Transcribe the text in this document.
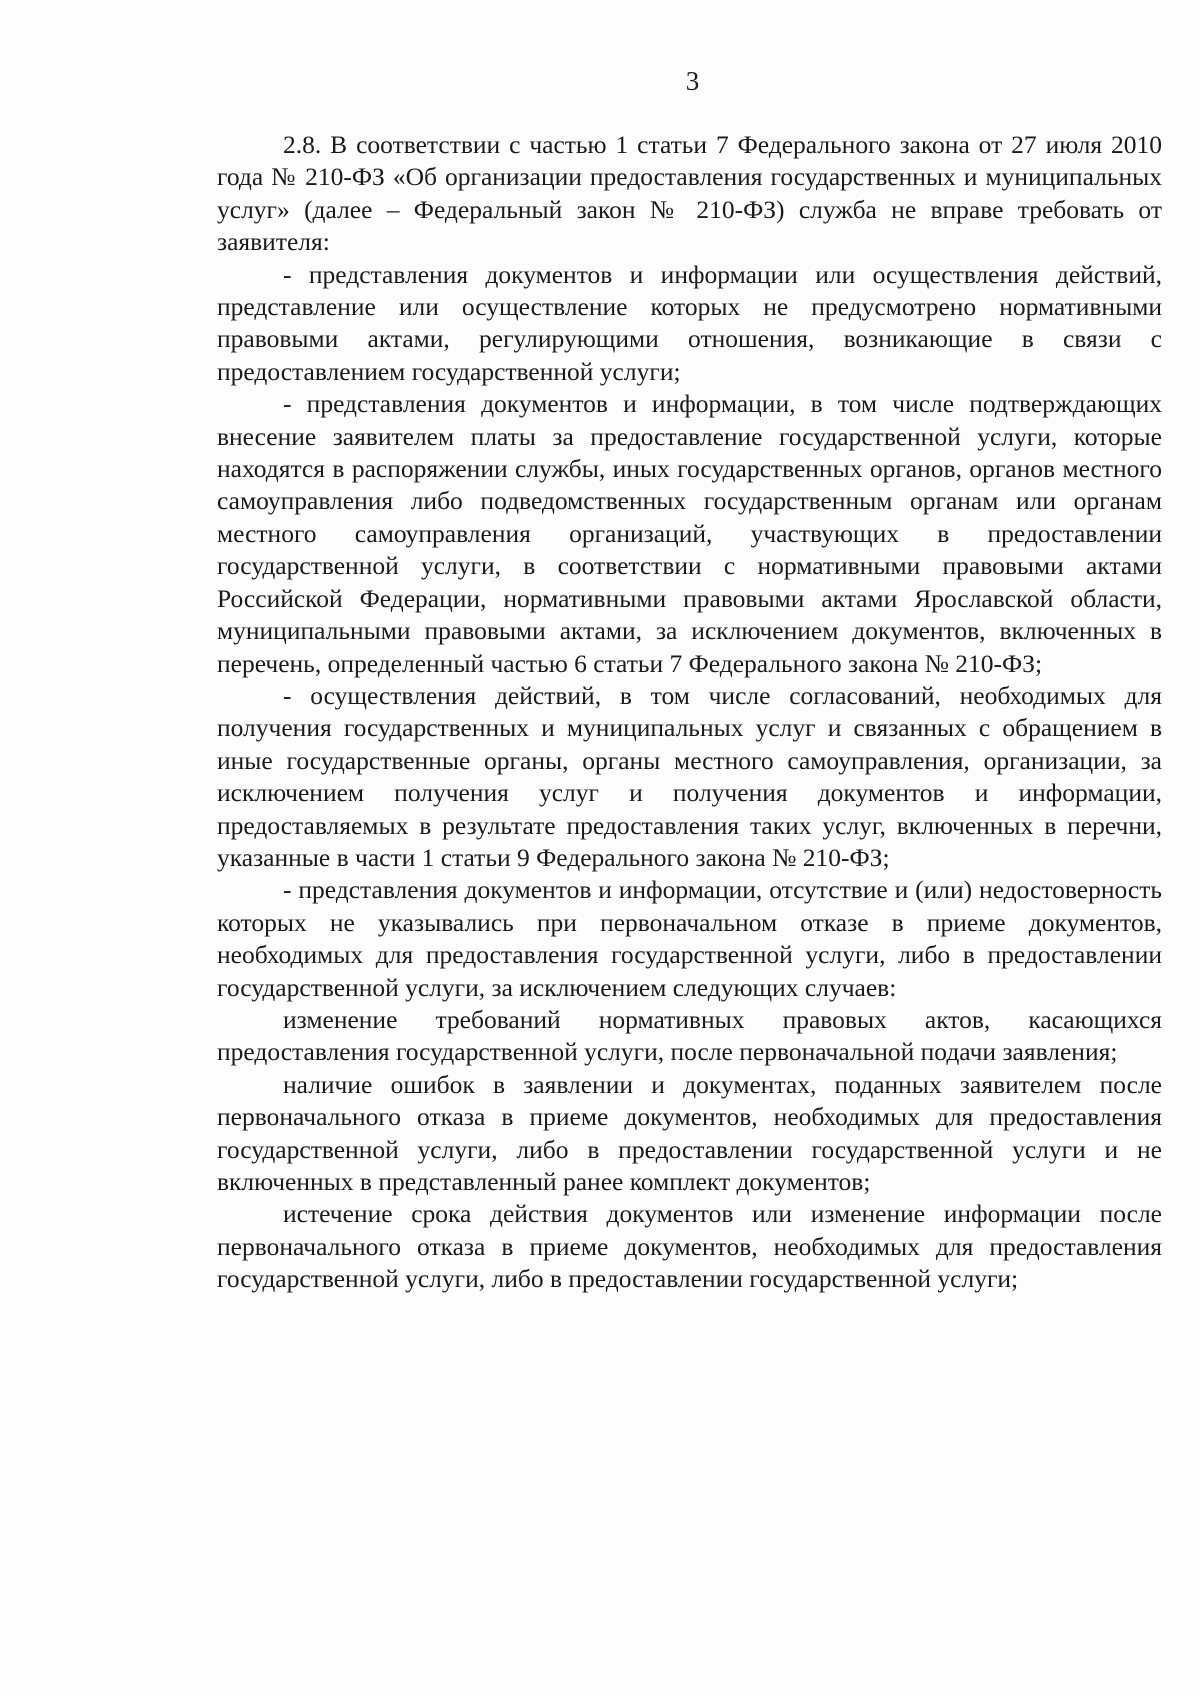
3

2.8. В соответствии с частью 1 статьи 7 Федерального закона от 27 июля 2010 года № 210-ФЗ «Об организации предоставления государственных и муниципальных услуг» (далее – Федеральный закон № 210-ФЗ) служба не вправе требовать от заявителя:

- представления документов и информации или осуществления действий, представление или осуществление которых не предусмотрено нормативными правовыми актами, регулирующими отношения, возникающие в связи с предоставлением государственной услуги;

- представления документов и информации, в том числе подтверждающих внесение заявителем платы за предоставление государственной услуги, которые находятся в распоряжении службы, иных государственных органов, органов местного самоуправления либо подведомственных государственным органам или органам местного самоуправления организаций, участвующих в предоставлении государственной услуги, в соответствии с нормативными правовыми актами Российской Федерации, нормативными правовыми актами Ярославской области, муниципальными правовыми актами, за исключением документов, включенных в перечень, определенный частью 6 статьи 7 Федерального закона № 210-ФЗ;

- осуществления действий, в том числе согласований, необходимых для получения государственных и муниципальных услуг и связанных с обращением в иные государственные органы, органы местного самоуправления, организации, за исключением получения услуг и получения документов и информации, предоставляемых в результате предоставления таких услуг, включенных в перечни, указанные в части 1 статьи 9 Федерального закона № 210-ФЗ;

- представления документов и информации, отсутствие и (или) недостоверность которых не указывались при первоначальном отказе в приеме документов, необходимых для предоставления государственной услуги, либо в предоставлении государственной услуги, за исключением следующих случаев:

изменение требований нормативных правовых актов, касающихся предоставления государственной услуги, после первоначальной подачи заявления;

наличие ошибок в заявлении и документах, поданных заявителем после первоначального отказа в приеме документов, необходимых для предоставления государственной услуги, либо в предоставлении государственной услуги и не включенных в представленный ранее комплект документов;

истечение срока действия документов или изменение информации после первоначального отказа в приеме документов, необходимых для предоставления государственной услуги, либо в предоставлении государственной услуги;
